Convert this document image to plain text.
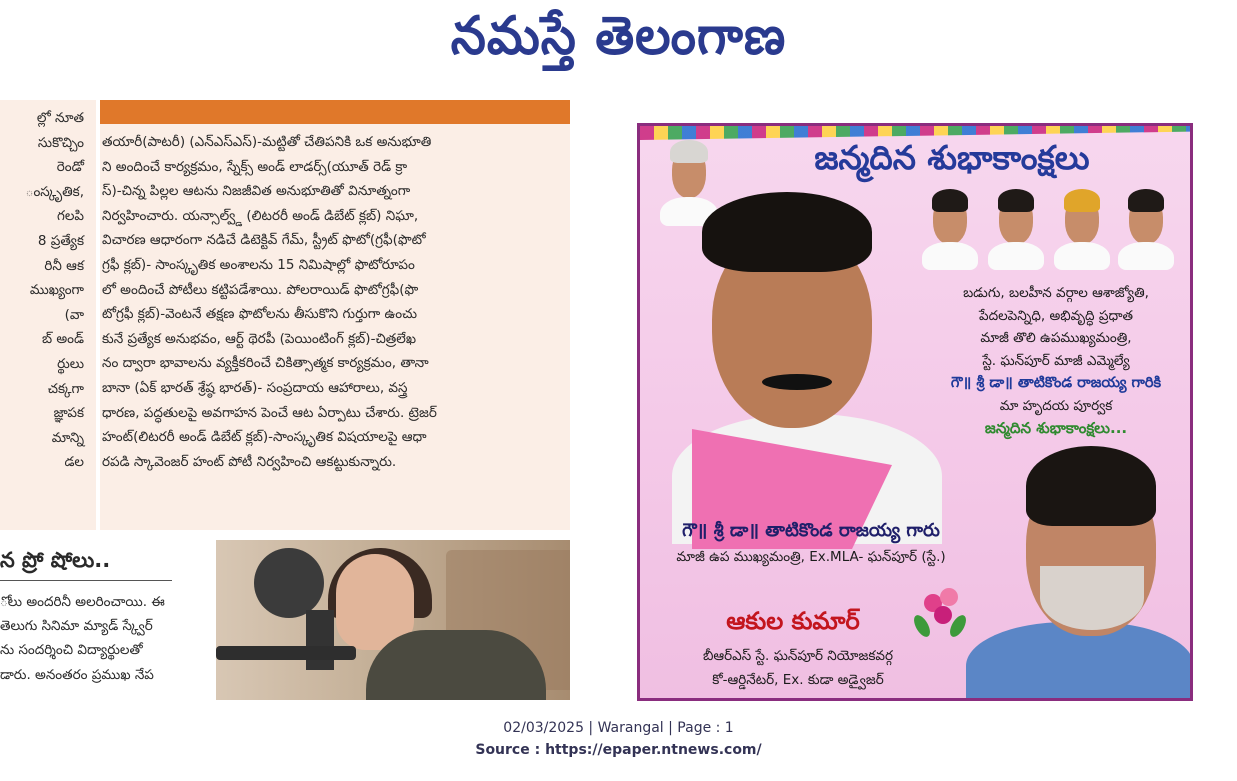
నమస్తే తెలంగాణ
ల్లో నూత
సుకొచ్చిం
రెండో
ంస్కృతిక,
గలపి
8 ప్రత్యేక
రినీ ఆక
ముఖ్యంగా
(వా
బ్ అండ్
ర్థులు
చక్కగా
జ్ఞాపక
మాన్ని
డల
తయారీ(పాటరీ) (ఎన్ఎస్ఎస్)-మట్టితో చేతిపనికి ఒక అనుభూతి
ని అందించే కార్యక్రమం, స్నేక్స్ అండ్ లాడర్స్(యూత్ రెడ్ క్రా
స్)-చిన్న పిల్లల ఆటను నిజజీవిత అనుభూతితో వినూత్నంగా
నిర్వహించారు. యన్సాల్వ్డ్ (లిటరరీ అండ్ డిబేట్ క్లబ్) నిఘా,
విచారణ ఆధారంగా నడిచే డిటెక్టివ్ గేమ్, స్ట్రీట్ ఫొటో(గ్రఫీ(ఫొటో
గ్రఫీ క్లబ్)- సాంస్కృతిక అంశాలను 15 నిమిషాల్లో ఫొటోరూపం
లో అందించే పోటీలు కట్టిపడేశాయి. పోలరాయిడ్ ఫొటోగ్రఫీ(ఫొ
టోగ్రఫీ క్లబ్)-వెంటనే తక్షణ ఫొటోలను తీసుకొని గుర్తుగా ఉంచు
కునే ప్రత్యేక అనుభవం, ఆర్ట్ థెరపీ (పెయింటింగ్ క్లబ్)-చిత్రలేఖ
నం ద్వారా భావాలను వ్యక్తీకరించే చికిత్సాత్మక కార్యక్రమం, తానా
బానా (ఏక్ భారత్ శ్రేష్ఠ భారత్)- సంప్రదాయ ఆహారాలు, వస్త్ర
ధారణ, పద్ధతులపై అవగాహన పెంచే ఆట ఏర్పాటు చేశారు. ట్రెజర్
హంట్(లిటరరీ అండ్ డిబేట్ క్లబ్)-సాంస్కృతిక విషయాలపై ఆధా
రపడి స్కావెంజర్ హంట్ పోటీ నిర్వహించి ఆకట్టుకున్నారు.
న ప్రో షోలు..
ోలు అందరినీ అలరించాయి. ఈ
తెలుగు సినిమా మ్యాడ్ స్క్వేర్
ను సందర్శించి విద్యార్థులతో
డారు. అనంతరం ప్రముఖ నేప
జన్మదిన శుభాకాంక్షలు
బడుగు, బలహీన వర్గాల ఆశాజ్యోతి,
పేదలపెన్నిధి, అభివృద్ధి ప్రధాత
మాజీ తొలి ఉపముఖ్యమంత్రి,
స్టే. ఘన్‌పూర్ మాజీ ఎమ్మెల్యే
గౌ॥ శ్రీ డా॥ తాటికొండ రాజయ్య గారికి
మా హృదయ పూర్వక
జన్మదిన శుభాకాంక్షలు...
గౌ॥ శ్రీ డా॥ తాటికొండ రాజయ్య గారు
మాజీ ఉప ముఖ్యమంత్రి, Ex.MLA- ఘన్‌పూర్ (స్టే.)
ఆకుల కుమార్
బీఆర్ఎస్ స్టే. ఘన్‌పూర్ నియోజకవర్గ
కో-ఆర్డినేటర్, Ex. కుడా అడ్వైజర్
02/03/2025 | Warangal | Page : 1
Source : https://epaper.ntnews.com/
